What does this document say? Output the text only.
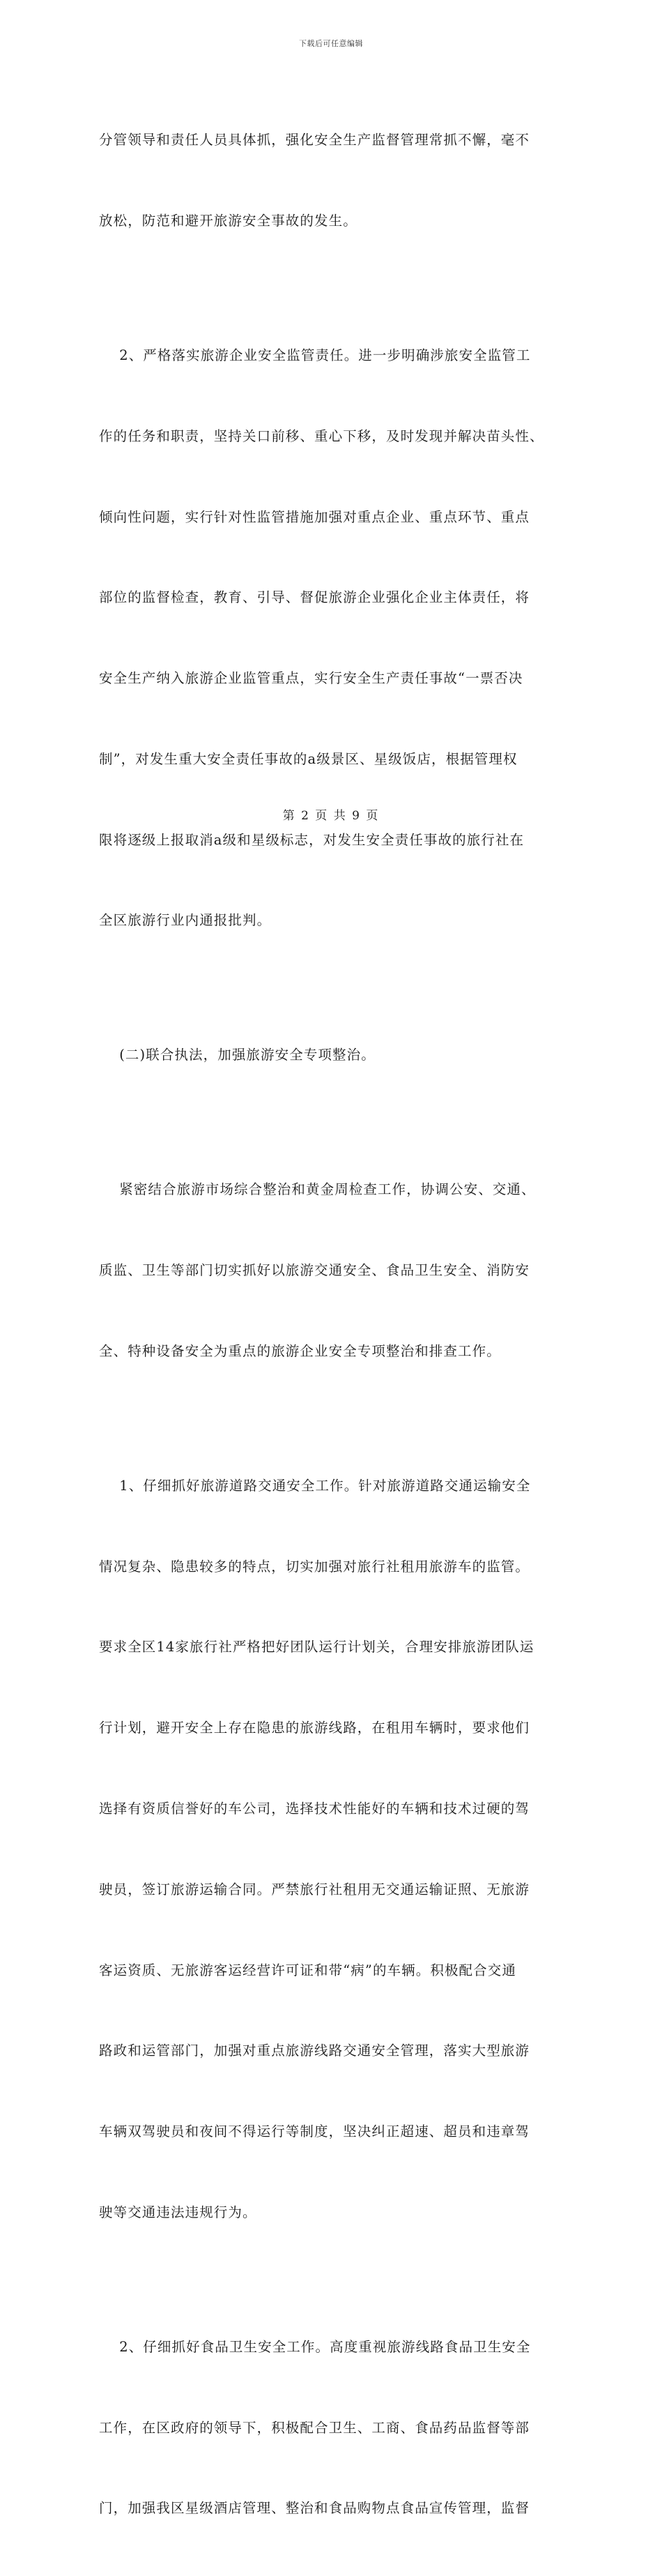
下载后可任意编辑

分管领导和责任人员具体抓，强化安全生产监督管理常抓不懈，毫不

放松，防范和避开旅游安全事故的发生。

2、严格落实旅游企业安全监管责任。进一步明确涉旅安全监管工

作的任务和职责，坚持关口前移、重心下移，及时发现并解决苗头性、

倾向性问题，实行针对性监管措施加强对重点企业、重点环节、重点

部位的监督检查，教育、引导、督促旅游企业强化企业主体责任，将

安全生产纳入旅游企业监管重点，实行安全生产责任事故“一票否决

制”，对发生重大安全责任事故的a级景区、星级饭店，根据管理权

限将逐级上报取消a级和星级标志，对发生安全责任事故的旅行社在

全区旅游行业内通报批判。

(二)联合执法，加强旅游安全专项整治。

紧密结合旅游市场综合整治和黄金周检查工作，协调公安、交通、

质监、卫生等部门切实抓好以旅游交通安全、食品卫生安全、消防安

全、特种设备安全为重点的旅游企业安全专项整治和排查工作。

1、仔细抓好旅游道路交通安全工作。针对旅游道路交通运输安全

情况复杂、隐患较多的特点，切实加强对旅行社租用旅游车的监管。

要求全区14家旅行社严格把好团队运行计划关，合理安排旅游团队运

行计划，避开安全上存在隐患的旅游线路，在租用车辆时，要求他们

选择有资质信誉好的车公司，选择技术性能好的车辆和技术过硬的驾

驶员，签订旅游运输合同。严禁旅行社租用无交通运输证照、无旅游

客运资质、无旅游客运经营许可证和带“病”的车辆。积极配合交通

路政和运管部门，加强对重点旅游线路交通安全管理，落实大型旅游

车辆双驾驶员和夜间不得运行等制度，坚决纠正超速、超员和违章驾

驶等交通违法违规行为。

2、仔细抓好食品卫生安全工作。高度重视旅游线路食品卫生安全

工作，在区政府的领导下，积极配合卫生、工商、食品药品监督等部

门，加强我区星级酒店管理、整治和食品购物点食品宣传管理，监督

第 2 页 共 9 页
